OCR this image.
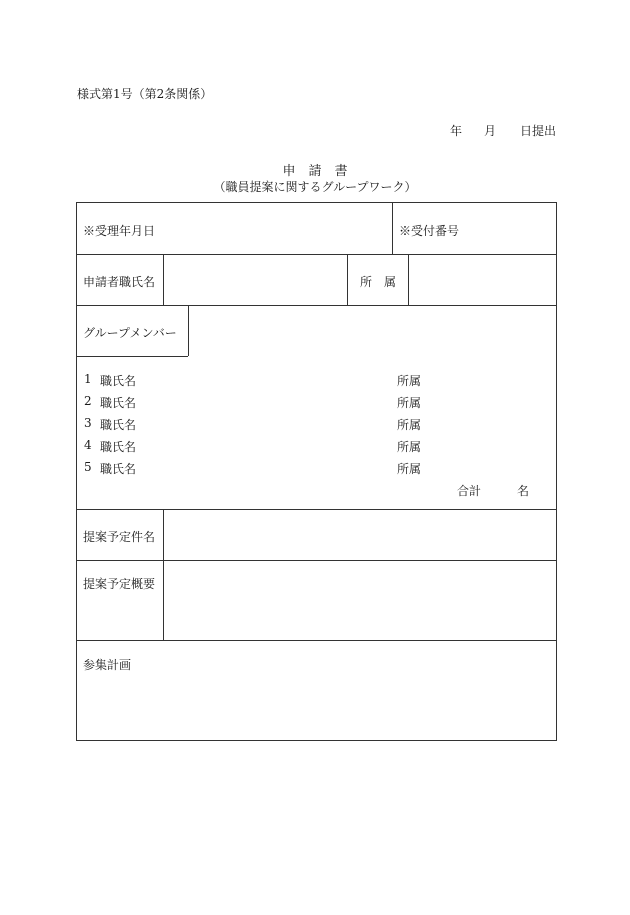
様式第1号（第2条関係）
年 月 日提出
申 請 書
（職員提案に関するグループワーク）
※受理年月日	※受付番号
申請者職氏名	所　属
グループメンバー
1 職氏名	所属
2 職氏名	所属
3 職氏名	所属
4 職氏名	所属
5 職氏名	所属
合計	名
提案予定件名
提案予定概要
参集計画
